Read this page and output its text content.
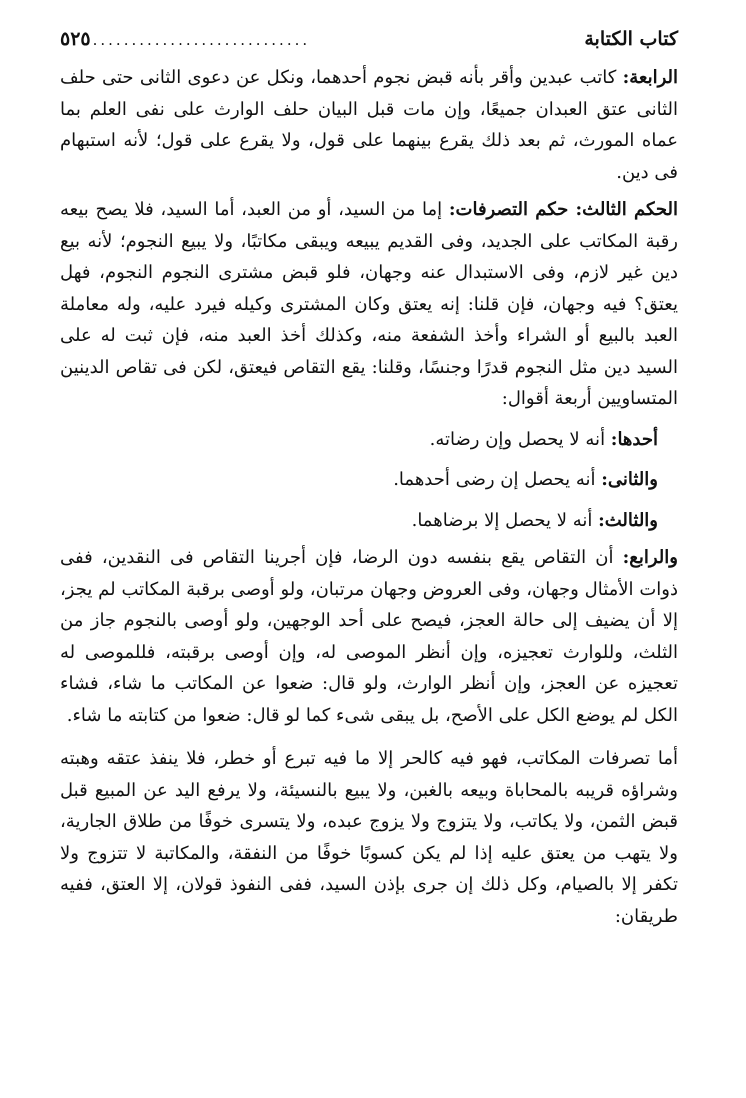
كتاب الكتابة
............................
٥٢٥

الرابعة: كاتب عبدين وأقر بأنه قبض نجوم أحدهما، ونكل عن دعوى الثانى حتى حلف الثانى عتق العبدان جميعًا، وإن مات قبل البيان حلف الوارث على نفى العلم بما عماه المورث، ثم بعد ذلك يقرع بينهما على قول، ولا يقرع على قول؛ لأنه استبهام فى دين.

الحكم الثالث: حكم التصرفات: إما من السيد، أو من العبد، أما السيد، فلا يصح بيعه رقبة المكاتب على الجديد، وفى القديم يبيعه ويبقى مكاتبًا، ولا يبيع النجوم؛ لأنه بيع دين غير لازم، وفى الاستبدال عنه وجهان، فلو قبض مشترى النجوم النجوم، فهل يعتق؟ فيه وجهان، فإن قلنا: إنه يعتق وكان المشترى وكيله فيرد عليه، وله معاملة العبد بالبيع أو الشراء وأخذ الشفعة منه، وكذلك أخذ العبد منه، فإن ثبت له على السيد دين مثل النجوم قدرًا وجنسًا، وقلنا: يقع التقاص فيعتق، لكن فى تقاص الدينين المتساويين أربعة أقوال:

أحدها: أنه لا يحصل وإن رضاته.

والثانى: أنه يحصل إن رضى أحدهما.

والثالث: أنه لا يحصل إلا برضاهما.

والرابع: أن التقاص يقع بنفسه دون الرضا، فإن أجرينا التقاص فى النقدين، ففى ذوات الأمثال وجهان، وفى العروض وجهان مرتبان، ولو أوصى برقبة المكاتب لم يجز، إلا أن يضيف إلى حالة العجز، فيصح على أحد الوجهين، ولو أوصى بالنجوم جاز من الثلث، وللوارث تعجيزه، وإن أنظر الموصى له، وإن أوصى برقبته، فللموصى له تعجيزه عن العجز، وإن أنظر الوارث، ولو قال: ضعوا عن المكاتب ما شاء، فشاء الكل لم يوضع الكل على الأصح، بل يبقى شىء كما لو قال: ضعوا من كتابته ما شاء.

أما تصرفات المكاتب، فهو فيه كالحر إلا ما فيه تبرع أو خطر، فلا ينفذ عتقه وهبته وشراؤه قريبه بالمحاباة وبيعه بالغبن، ولا يبيع بالنسيئة، ولا يرفع اليد عن المبيع قبل قبض الثمن، ولا يكاتب، ولا يتزوج ولا يزوج عبده، ولا يتسرى خوفًا من طلاق الجارية، ولا يتهب من يعتق عليه إذا لم يكن كسوبًا خوفًا من النفقة، والمكاتبة لا تتزوج ولا تكفر إلا بالصيام، وكل ذلك إن جرى بإذن السيد، ففى النفوذ قولان، إلا العتق، ففيه طريقان:
